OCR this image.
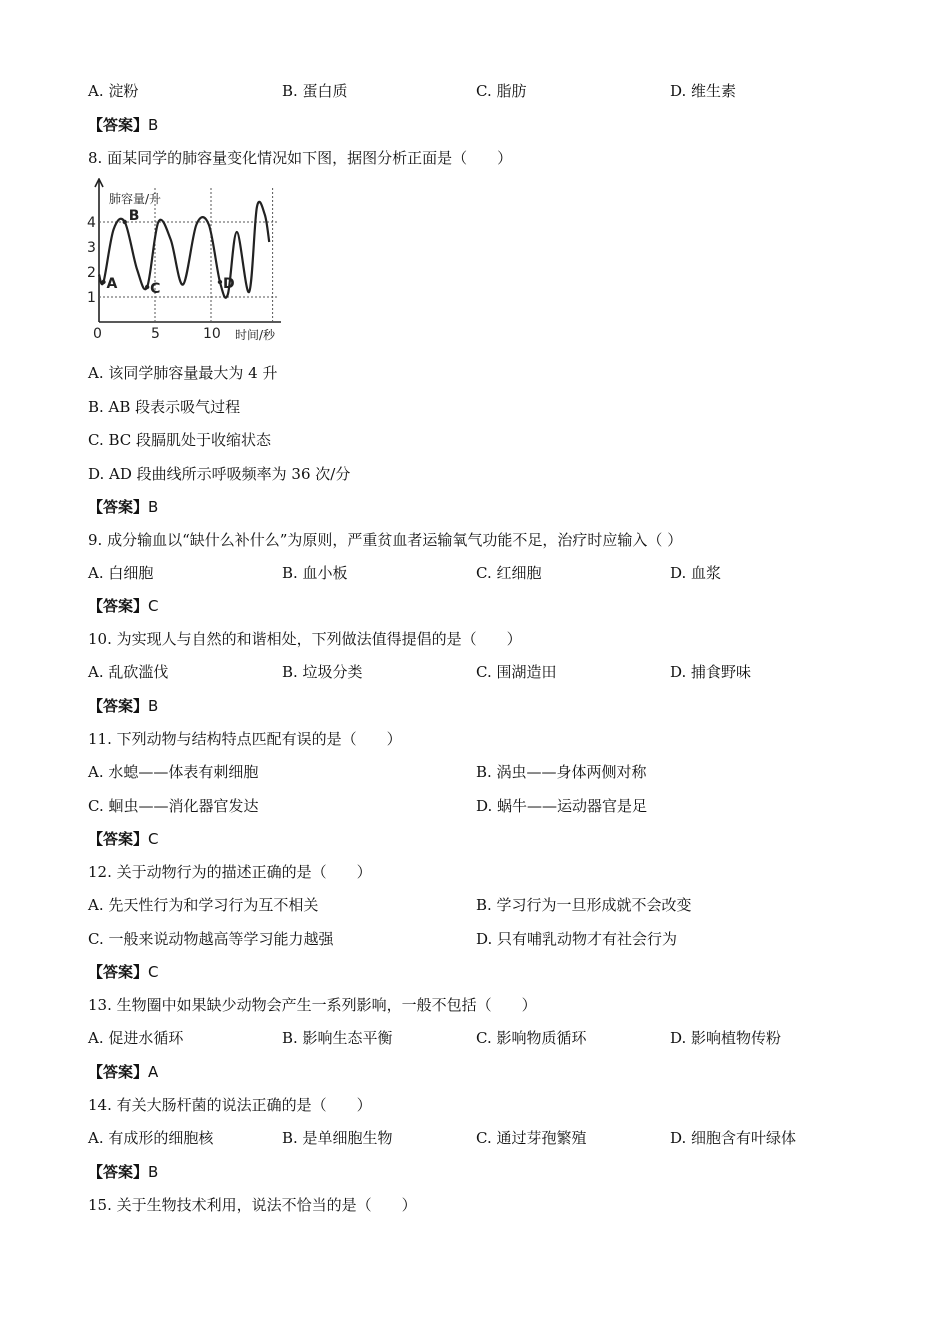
A. 淀粉	B. 蛋白质	C. 脂肪	D. 维生素
【答案】B
8. 面某同学的肺容量变化情况如下图，据图分析正面是（　　）
1
2
3
4
0	5	10
A
B
C	D
肺容量/升
时间/秒
A. 该同学肺容量最大为 4 升
B. AB 段表示吸气过程
C. BC 段膈肌处于收缩状态
D. AD 段曲线所示呼吸频率为 36 次/分
【答案】B
9. 成分输血以“缺什么补什么”为原则，严重贫血者运输氧气功能不足，治疗时应输入（ ）
A. 白细胞	B. 血小板	C. 红细胞	D. 血浆
【答案】C
10. 为实现人与自然的和谐相处，下列做法值得提倡的是（　　）
A. 乱砍滥伐	B. 垃圾分类	C. 围湖造田	D. 捕食野味
【答案】B
11. 下列动物与结构特点匹配有误的是（　　）
A. 水螅——体表有刺细胞	B. 涡虫——身体两侧对称
C. 蛔虫——消化器官发达	D. 蜗牛——运动器官是足
【答案】C
12. 关于动物行为的描述正确的是（　　）
A. 先天性行为和学习行为互不相关	B. 学习行为一旦形成就不会改变
C. 一般来说动物越高等学习能力越强	D. 只有哺乳动物才有社会行为
【答案】C
13. 生物圈中如果缺少动物会产生一系列影响，一般不包括（　　）
A. 促进水循环	B. 影响生态平衡	C. 影响物质循环	D. 影响植物传粉
【答案】A
14. 有关大肠杆菌的说法正确的是（　　）
A. 有成形的细胞核	B. 是单细胞生物	C. 通过芽孢繁殖	D. 细胞含有叶绿体
【答案】B
15. 关于生物技术利用，说法不恰当的是（　　）
